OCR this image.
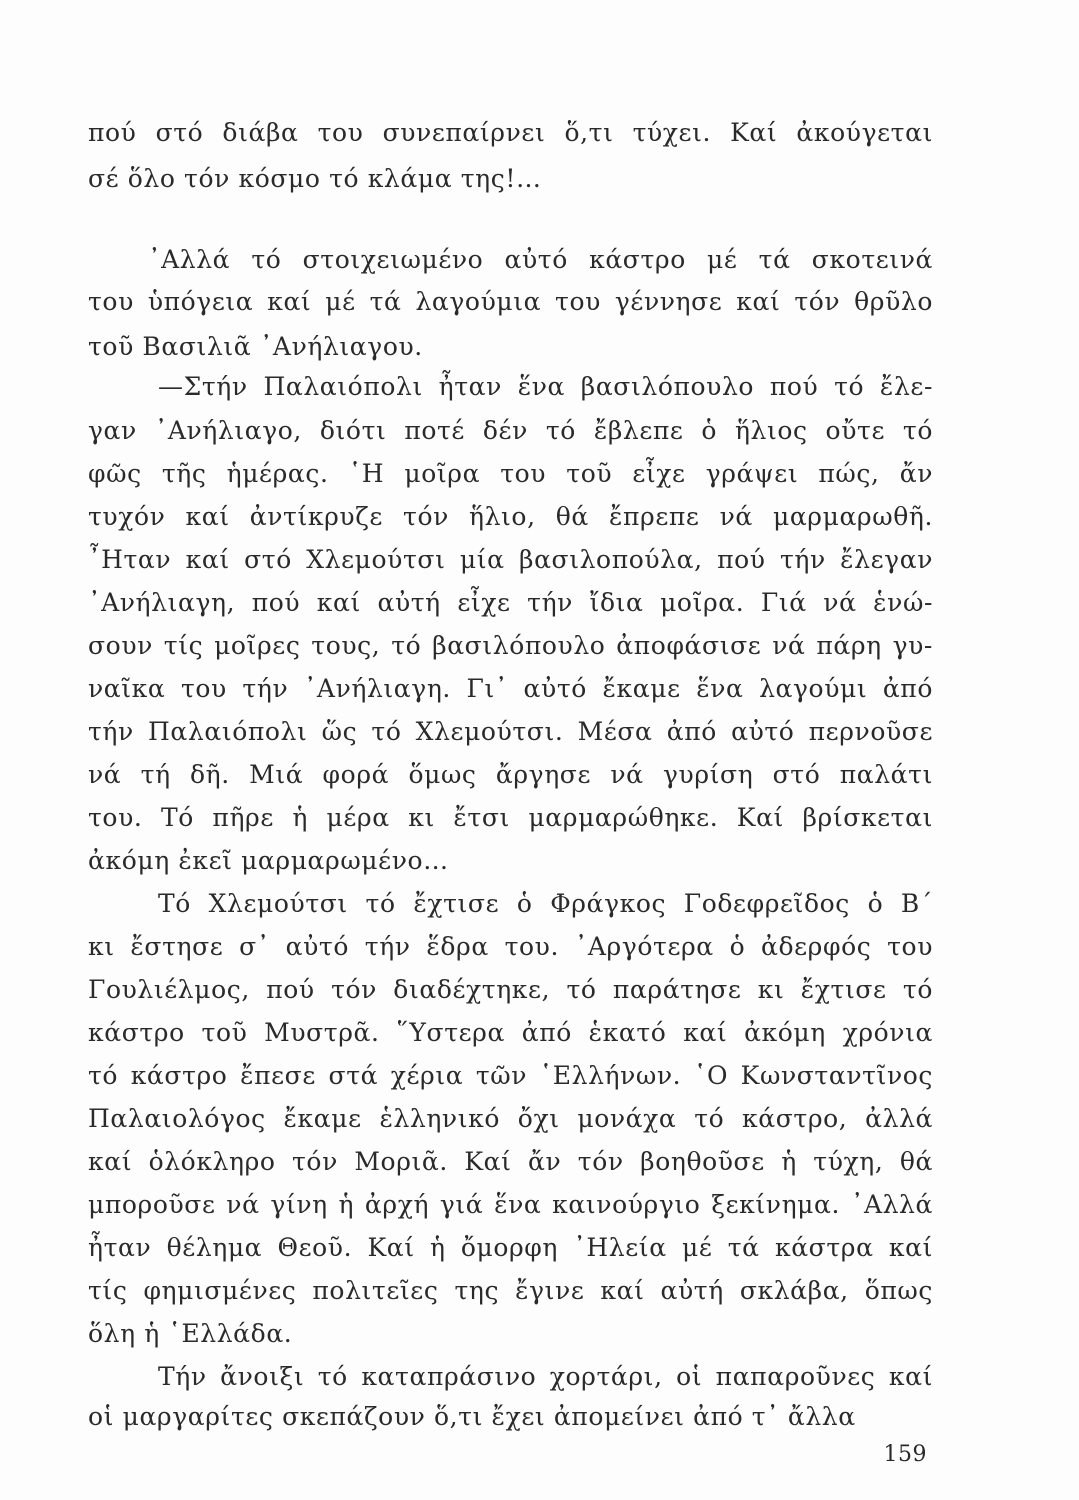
πού στό διάβα του συνεπαίρνει ὅ,τι τύχει. Καί ἀκούγεται
σέ ὅλο τόν κόσμο τό κλάμα της!…
᾿Αλλά τό στοιχειωμένο αὐτό κάστρο μέ τά σκοτεινά
του ὑπόγεια καί μέ τά λαγούμια του γέννησε καί τόν θρῦλο
τοῦ Βασιλιᾶ ᾿Ανήλιαγου.
—Στήν Παλαιόπολι ἦταν ἕνα βασιλόπουλο πού τό ἔλε-
γαν ᾿Ανήλιαγο, διότι ποτέ δέν τό ἔβλεπε ὁ ἥλιος οὔτε τό
φῶς τῆς ἡμέρας. ῾Η μοῖρα του τοῦ εἶχε γράψει πώς, ἄν
τυχόν καί ἀντίκρυζε τόν ἥλιο, θά ἔπρεπε νά μαρμαρωθῆ.
῏Ηταν καί στό Χλεμούτσι μία βασιλοπούλα, πού τήν ἔλεγαν
᾿Ανήλιαγη, πού καί αὐτή εἶχε τήν ἴδια μοῖρα. Γιά νά ἑνώ-
σουν τίς μοῖρες τους, τό βασιλόπουλο ἀποφάσισε νά πάρη γυ-
ναῖκα του τήν ᾿Ανήλιαγη. Γι᾿ αὐτό ἔκαμε ἕνα λαγούμι ἀπό
τήν Παλαιόπολι ὥς τό Χλεμούτσι. Μέσα ἀπό αὐτό περνοῦσε
νά τή δῆ. Μιά φορά ὅμως ἄργησε νά γυρίση στό παλάτι
του. Τό πῆρε ἡ μέρα κι ἔτσι μαρμαρώθηκε. Καί βρίσκεται
ἀκόμη ἐκεῖ μαρμαρωμένο…
Τό Χλεμούτσι τό ἔχτισε ὁ Φράγκος Γοδεφρεῖδος ὁ Β΄
κι ἔστησε σ᾿ αὐτό τήν ἕδρα του. ᾿Αργότερα ὁ ἀδερφός του
Γουλιέλμος, πού τόν διαδέχτηκε, τό παράτησε κι ἔχτισε τό
κάστρο τοῦ Μυστρᾶ. ῞Υστερα ἀπό ἑκατό καί ἀκόμη χρόνια
τό κάστρο ἔπεσε στά χέρια τῶν ῾Ελλήνων. ῾Ο Κωνσταντῖνος
Παλαιολόγος ἔκαμε ἑλληνικό ὄχι μονάχα τό κάστρο, ἀλλά
καί ὁλόκληρο τόν Μοριᾶ. Καί ἄν τόν βοηθοῦσε ἡ τύχη, θά
μποροῦσε νά γίνη ἡ ἀρχή γιά ἕνα καινούργιο ξεκίνημα. ᾿Αλλά
ἦταν θέλημα Θεοῦ. Καί ἡ ὄμορφη ᾿Ηλεία μέ τά κάστρα καί
τίς φημισμένες πολιτεῖες της ἔγινε καί αὐτή σκλάβα, ὅπως
ὅλη ἡ ῾Ελλάδα.
Τήν ἄνοιξι τό καταπράσινο χορτάρι, οἱ παπαροῦνες καί
οἱ μαργαρίτες σκεπάζουν ὅ,τι ἔχει ἀπομείνει ἀπό τ᾿ ἄλλα
159
